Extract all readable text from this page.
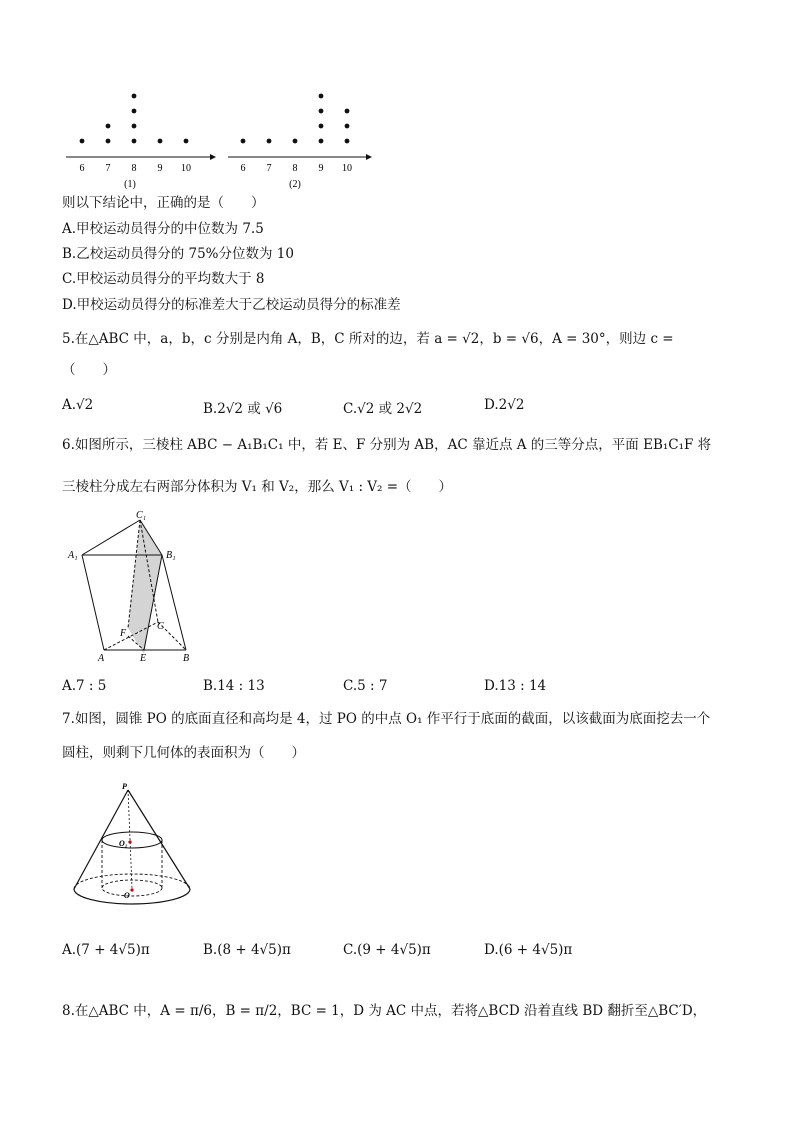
6 7 8 9 10
(1)
6 7 8 9 10
(2)
则以下结论中，正确的是（　　）
A.甲校运动员得分的中位数为 7.5
B.乙校运动员得分的 75%分位数为 10
C.甲校运动员得分的平均数大于 8
D.甲校运动员得分的标准差大于乙校运动员得分的标准差
5.在△ABC 中，a，b，c 分别是内角 A，B，C 所对的边，若 a = √2，b = √6，A = 30°，则边 c =
（　　）
A.√2	B.2√2 或 √6	C.√2 或 2√2	D.2√2
6.如图所示，三棱柱 ABC − A₁B₁C₁ 中，若 E、F 分别为 AB，AC 靠近点 A 的三等分点，平面 EB₁C₁F 将
三棱柱分成左右两部分体积为 V₁ 和 V₂，那么 V₁ : V₂ =（　　）
C₁
A₁	B₁
F
C
A	E	B
A.7 : 5	B.14 : 13	C.5 : 7	D.13 : 14
7.如图，圆锥 PO 的底面直径和高均是 4，过 PO 的中点 O₁ 作平行于底面的截面，以该截面为底面挖去一个
圆柱，则剩下几何体的表面积为（　　）
P
O₁
O
A.(7 + 4√5)π	B.(8 + 4√5)π	C.(9 + 4√5)π	D.(6 + 4√5)π
8.在△ABC 中，A = π/6，B = π/2，BC = 1，D 为 AC 中点，若将△BCD 沿着直线 BD 翻折至△BC′D，
